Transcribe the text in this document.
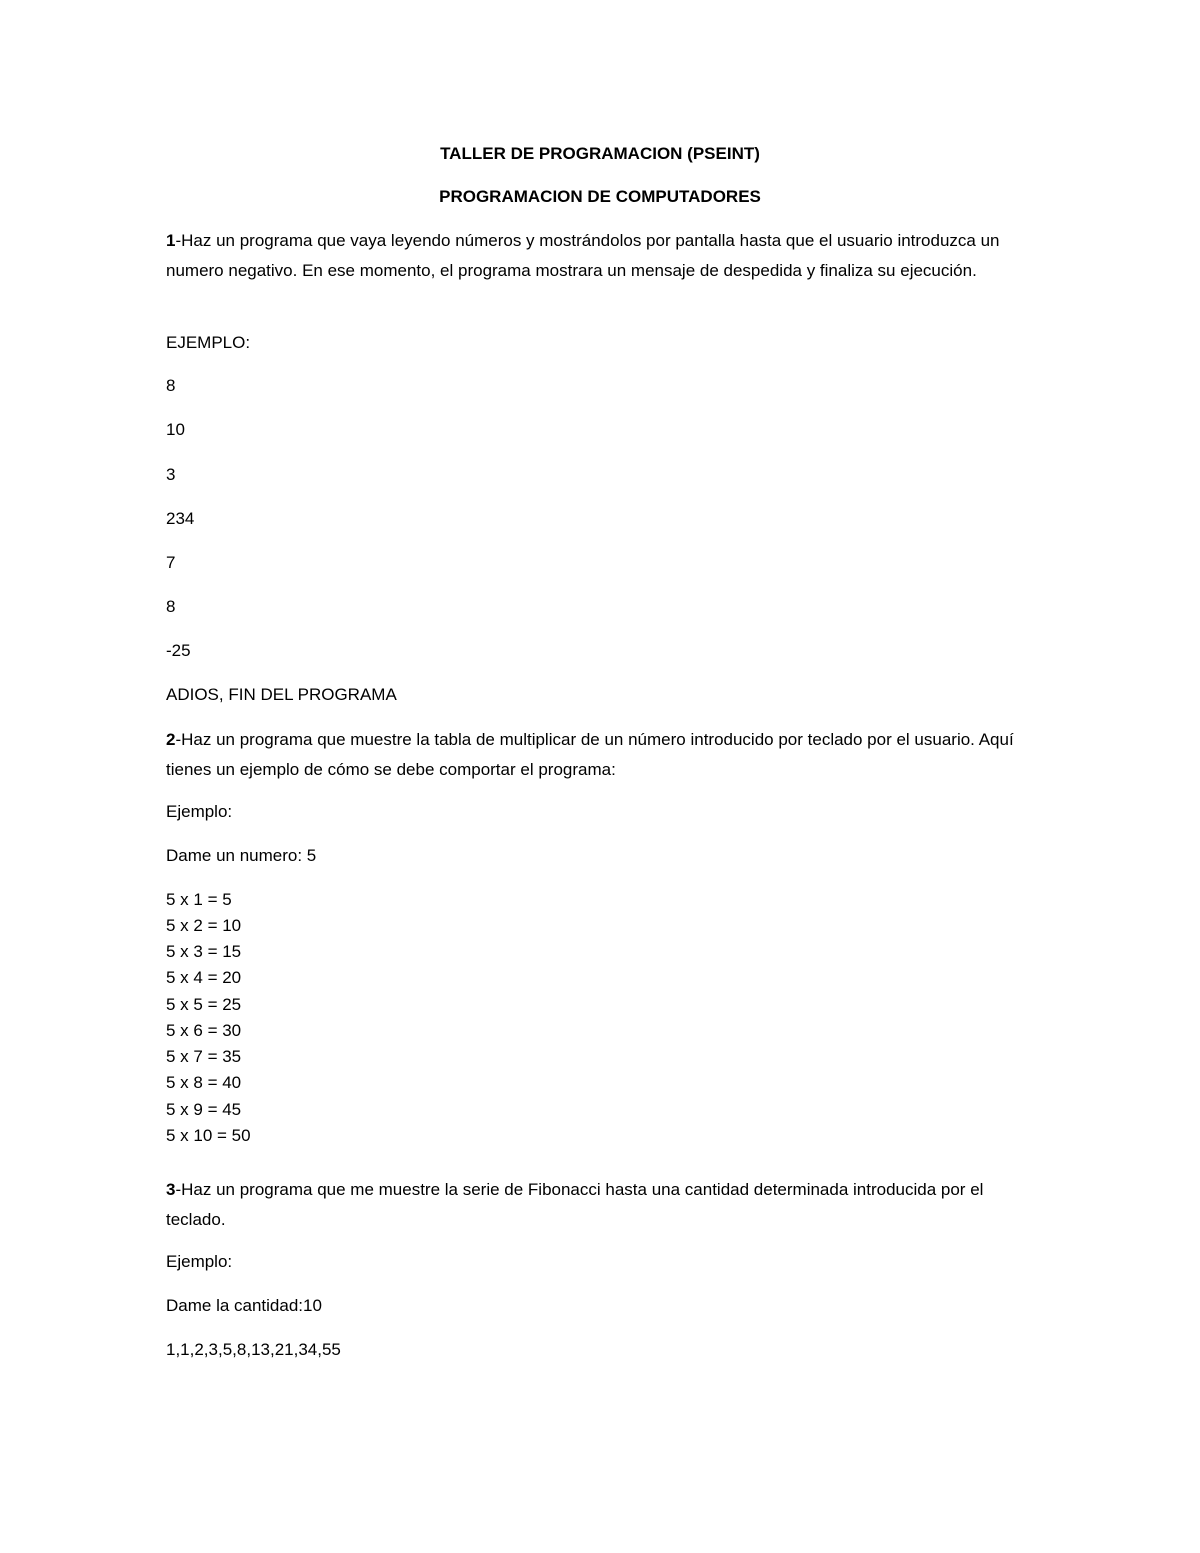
TALLER DE PROGRAMACION (PSEINT)
PROGRAMACION DE COMPUTADORES
1-Haz un programa que vaya leyendo números y mostrándolos por pantalla hasta que el usuario introduzca un numero negativo. En ese momento, el programa mostrara un mensaje de despedida y finaliza su ejecución.
EJEMPLO:
8
10
3
234
7
8
-25
ADIOS, FIN DEL PROGRAMA
2-Haz un programa que muestre la tabla de multiplicar de un número introducido por teclado por el usuario. Aquí tienes un ejemplo de cómo se debe comportar el programa:
Ejemplo:
Dame un numero: 5
5 x 1 = 5
5 x 2 = 10
5 x 3 = 15
5 x 4 = 20
5 x 5 = 25
5 x 6 = 30
5 x 7 = 35
5 x 8 = 40
5 x 9 = 45
5 x 10 = 50
3-Haz un programa que me muestre la serie de Fibonacci hasta una cantidad determinada introducida por el teclado.
Ejemplo:
Dame la cantidad:10
1,1,2,3,5,8,13,21,34,55
